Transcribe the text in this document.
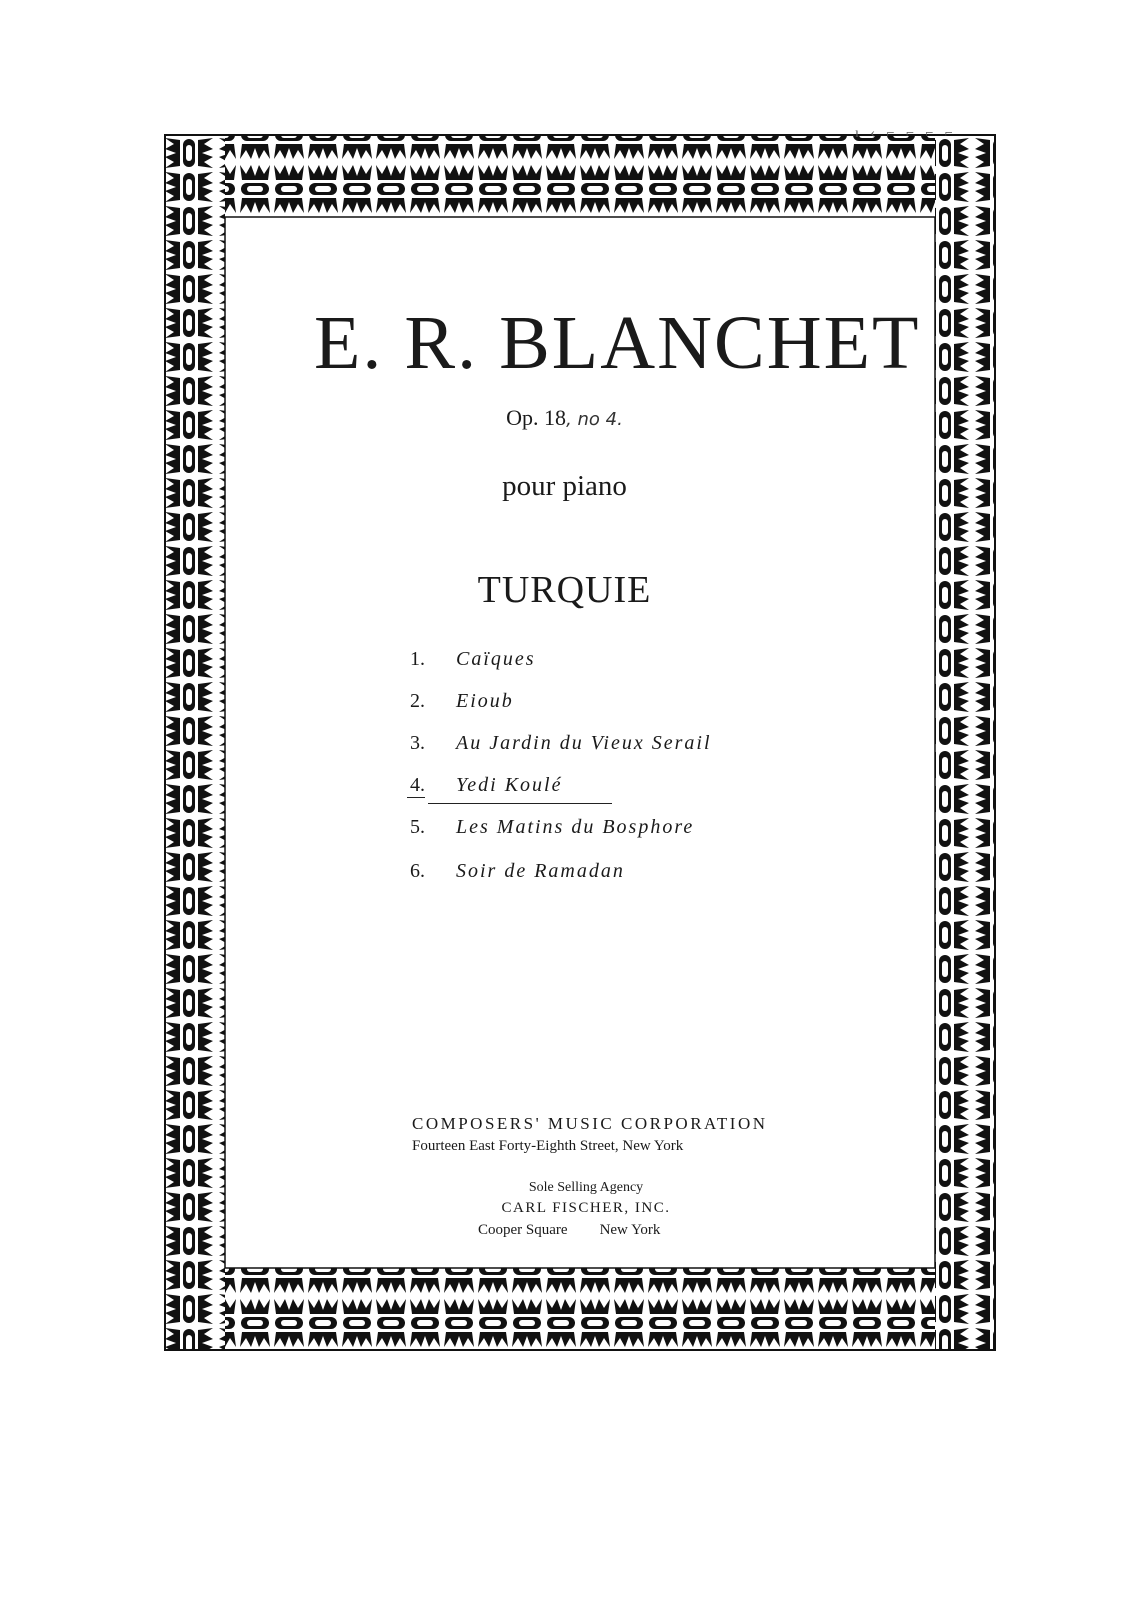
ı ‹ ⌐ ⌐ ⌐ ⌐
E. R. BLANCHET
Op. 18, no 4.
pour piano
TURQUIE
1. Caïques
2. Eioub
3. Au Jardin du Vieux Serail
4. Yedi Koulé
5. Les Matins du Bosphore
6. Soir de Ramadan
COMPOSERS' MUSIC CORPORATION
Fourteen East Forty-Eighth Street, New York
Sole Selling Agency
CARL FISCHER, INC.
Cooper Square New York
